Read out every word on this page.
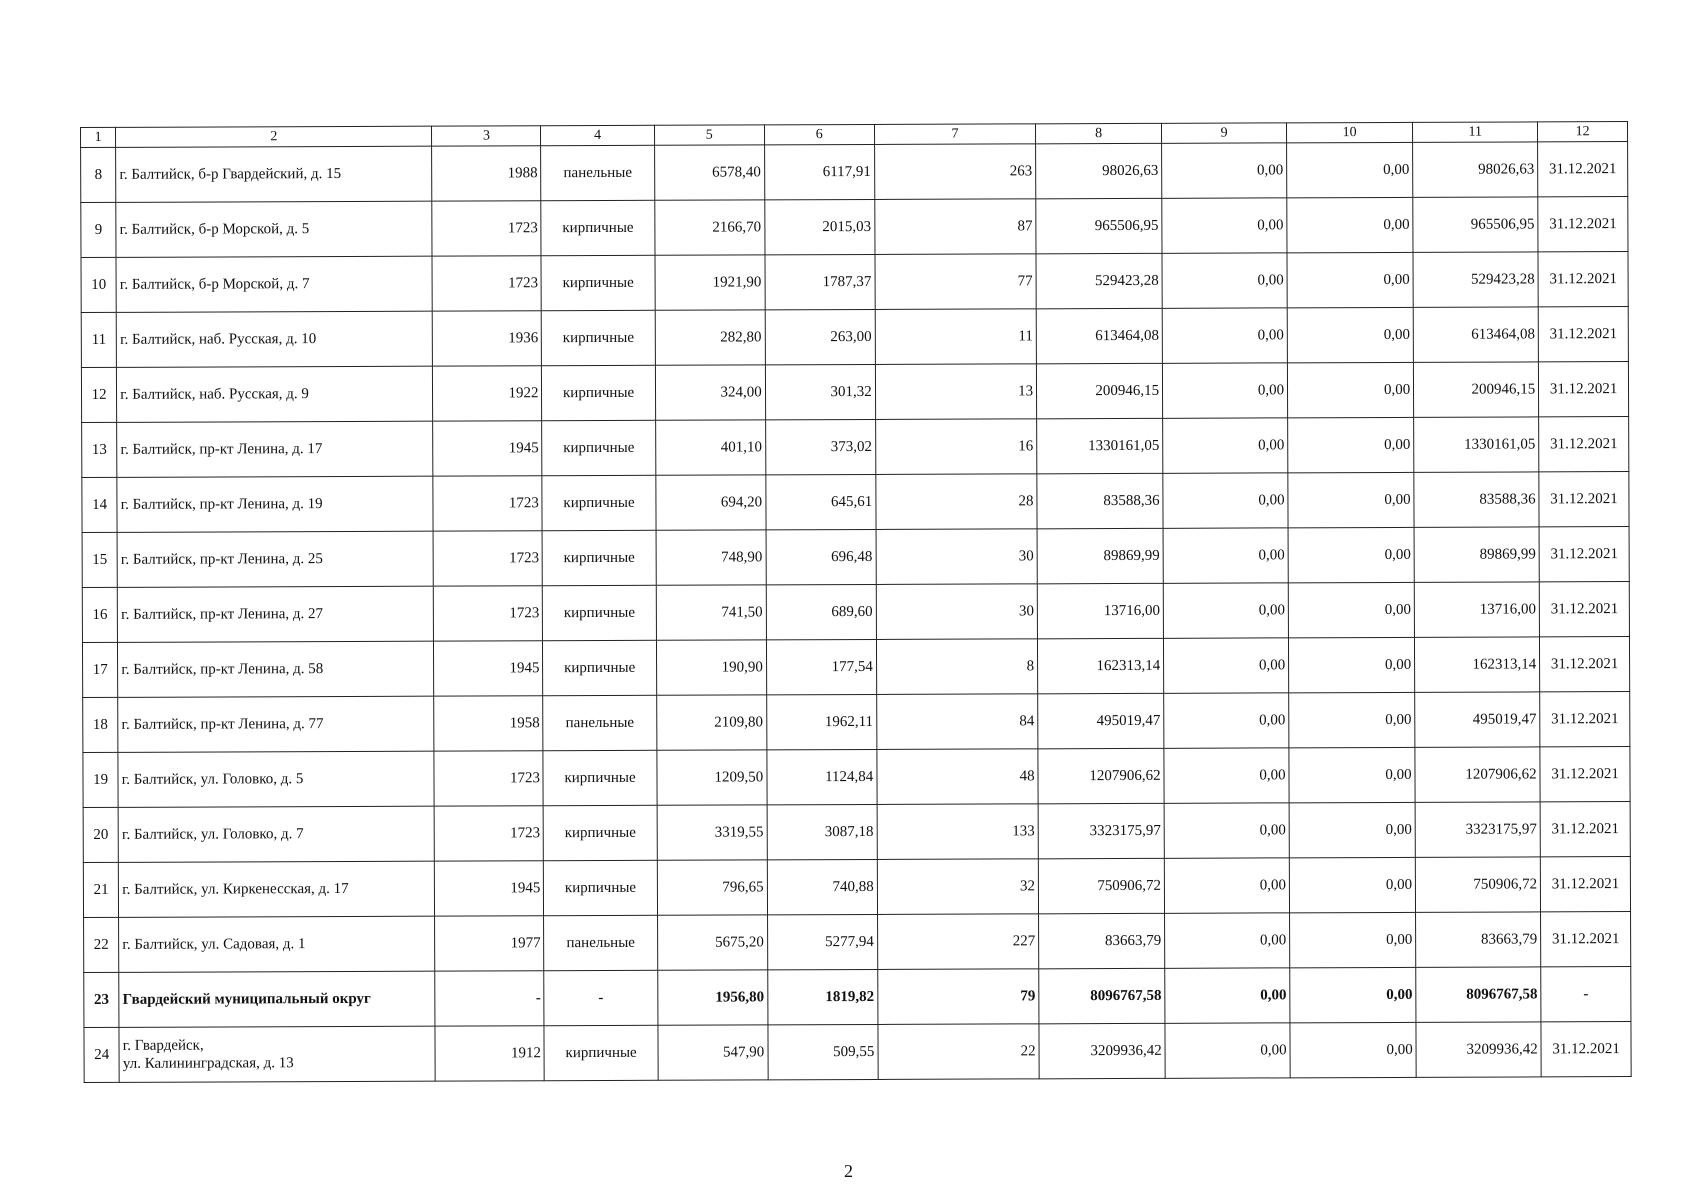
1	2	3	4	5	6	7	8	9	10	11	12
8	г. Балтийск, б-р Гвардейский, д. 15	1988	панельные	6578,40	6117,91	263	98026,63	0,00	0,00	98026,63	31.12.2021
9	г. Балтийск, б-р Морской, д. 5	1723	кирпичные	2166,70	2015,03	87	965506,95	0,00	0,00	965506,95	31.12.2021
10	г. Балтийск, б-р Морской, д. 7	1723	кирпичные	1921,90	1787,37	77	529423,28	0,00	0,00	529423,28	31.12.2021
11	г. Балтийск, наб. Русская, д. 10	1936	кирпичные	282,80	263,00	11	613464,08	0,00	0,00	613464,08	31.12.2021
12	г. Балтийск, наб. Русская, д. 9	1922	кирпичные	324,00	301,32	13	200946,15	0,00	0,00	200946,15	31.12.2021
13	г. Балтийск, пр-кт Ленина, д. 17	1945	кирпичные	401,10	373,02	16	1330161,05	0,00	0,00	1330161,05	31.12.2021
14	г. Балтийск, пр-кт Ленина, д. 19	1723	кирпичные	694,20	645,61	28	83588,36	0,00	0,00	83588,36	31.12.2021
15	г. Балтийск, пр-кт Ленина, д. 25	1723	кирпичные	748,90	696,48	30	89869,99	0,00	0,00	89869,99	31.12.2021
16	г. Балтийск, пр-кт Ленина, д. 27	1723	кирпичные	741,50	689,60	30	13716,00	0,00	0,00	13716,00	31.12.2021
17	г. Балтийск, пр-кт Ленина, д. 58	1945	кирпичные	190,90	177,54	8	162313,14	0,00	0,00	162313,14	31.12.2021
18	г. Балтийск, пр-кт Ленина, д. 77	1958	панельные	2109,80	1962,11	84	495019,47	0,00	0,00	495019,47	31.12.2021
19	г. Балтийск, ул. Головко, д. 5	1723	кирпичные	1209,50	1124,84	48	1207906,62	0,00	0,00	1207906,62	31.12.2021
20	г. Балтийск, ул. Головко, д. 7	1723	кирпичные	3319,55	3087,18	133	3323175,97	0,00	0,00	3323175,97	31.12.2021
21	г. Балтийск, ул. Киркенесская, д. 17	1945	кирпичные	796,65	740,88	32	750906,72	0,00	0,00	750906,72	31.12.2021
22	г. Балтийск, ул. Садовая, д. 1	1977	панельные	5675,20	5277,94	227	83663,79	0,00	0,00	83663,79	31.12.2021
23	Гвардейский муниципальный округ	-	-	1956,80	1819,82	79	8096767,58	0,00	0,00	8096767,58	-
24	г. Гвардейск,
ул. Калининградская, д. 13	1912	кирпичные	547,90	509,55	22	3209936,42	0,00	0,00	3209936,42	31.12.2021
2
